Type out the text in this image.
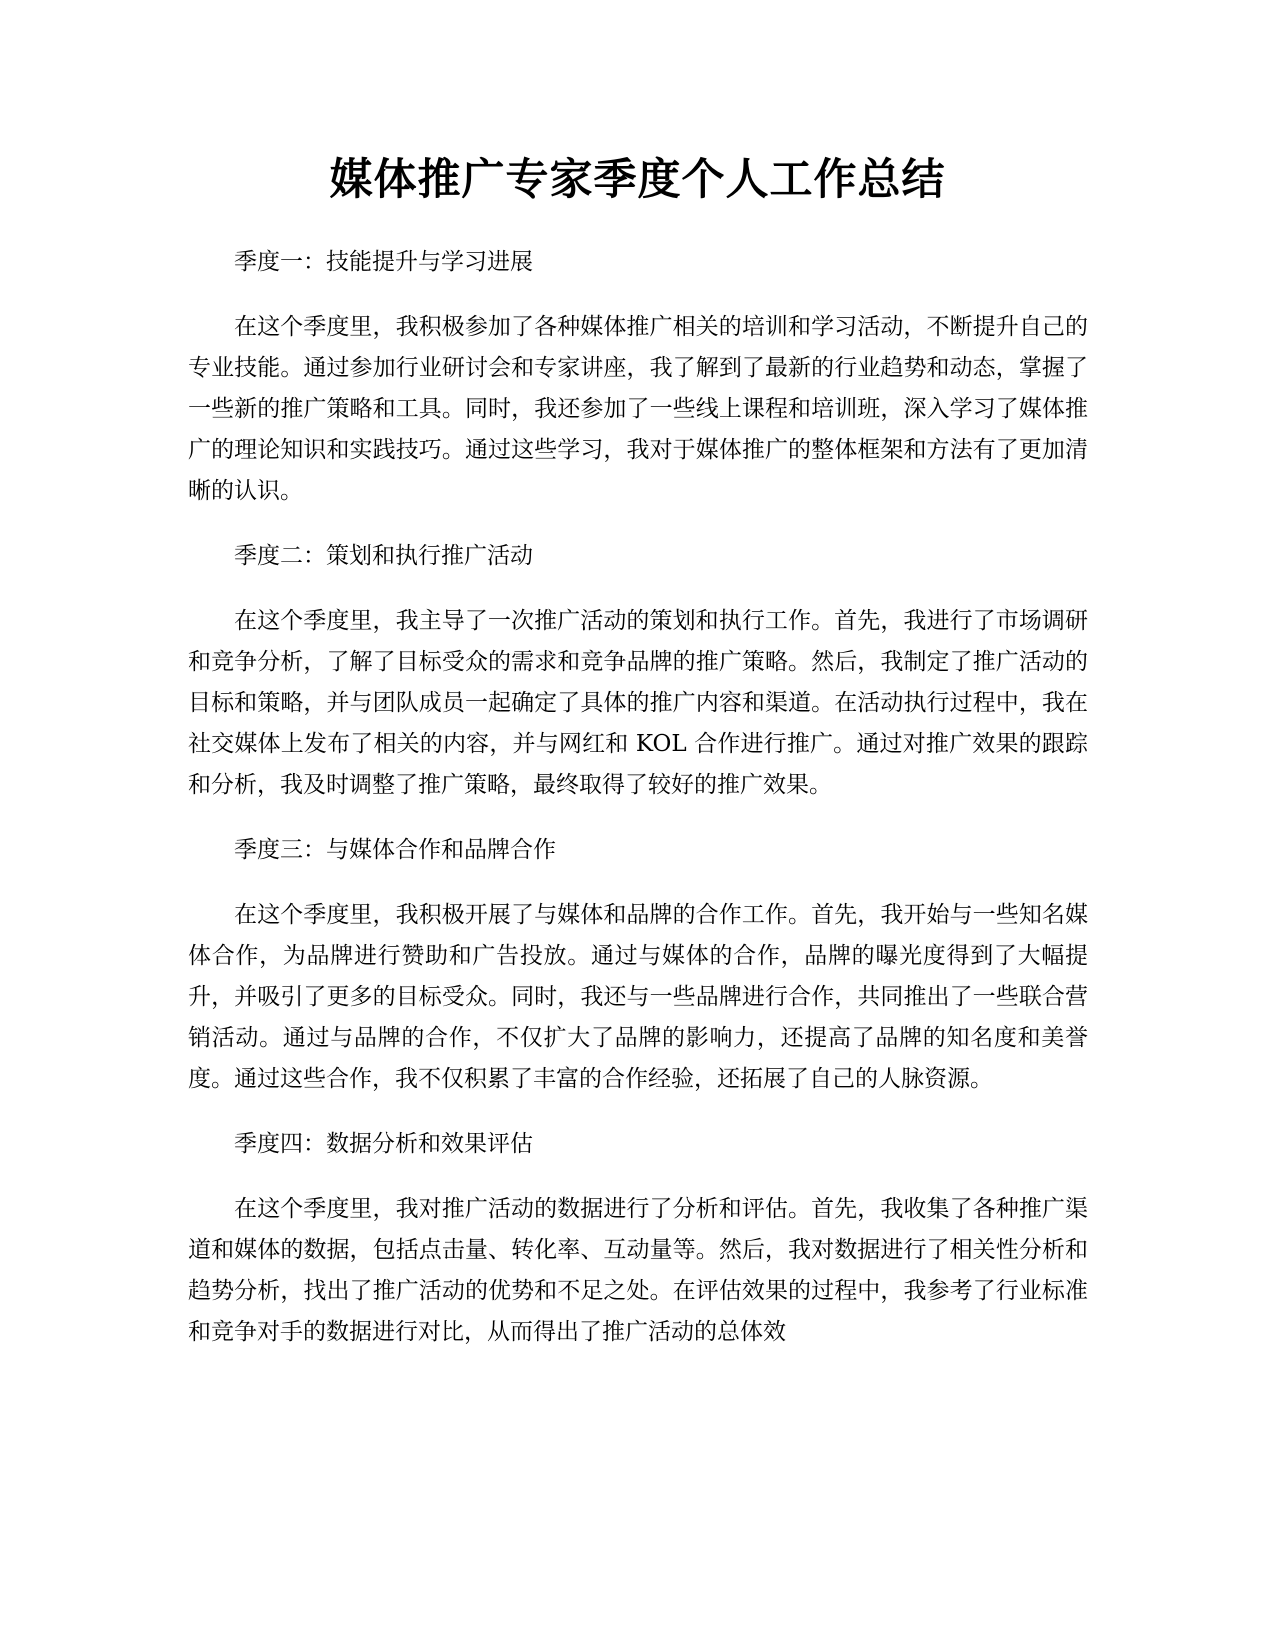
媒体推广专家季度个人工作总结

季度一：技能提升与学习进展

在这个季度里，我积极参加了各种媒体推广相关的培训和学习活动，不断提升自己的专业技能。通过参加行业研讨会和专家讲座，我了解到了最新的行业趋势和动态，掌握了一些新的推广策略和工具。同时，我还参加了一些线上课程和培训班，深入学习了媒体推广的理论知识和实践技巧。通过这些学习，我对于媒体推广的整体框架和方法有了更加清晰的认识。

季度二：策划和执行推广活动

在这个季度里，我主导了一次推广活动的策划和执行工作。首先，我进行了市场调研和竞争分析，了解了目标受众的需求和竞争品牌的推广策略。然后，我制定了推广活动的目标和策略，并与团队成员一起确定了具体的推广内容和渠道。在活动执行过程中，我在社交媒体上发布了相关的内容，并与网红和 KOL 合作进行推广。通过对推广效果的跟踪和分析，我及时调整了推广策略，最终取得了较好的推广效果。

季度三：与媒体合作和品牌合作

在这个季度里，我积极开展了与媒体和品牌的合作工作。首先，我开始与一些知名媒体合作，为品牌进行赞助和广告投放。通过与媒体的合作，品牌的曝光度得到了大幅提升，并吸引了更多的目标受众。同时，我还与一些品牌进行合作，共同推出了一些联合营销活动。通过与品牌的合作，不仅扩大了品牌的影响力，还提高了品牌的知名度和美誉度。通过这些合作，我不仅积累了丰富的合作经验，还拓展了自己的人脉资源。

季度四：数据分析和效果评估

在这个季度里，我对推广活动的数据进行了分析和评估。首先，我收集了各种推广渠道和媒体的数据，包括点击量、转化率、互动量等。然后，我对数据进行了相关性分析和趋势分析，找出了推广活动的优势和不足之处。在评估效果的过程中，我参考了行业标准和竞争对手的数据进行对比，从而得出了推广活动的总体效
